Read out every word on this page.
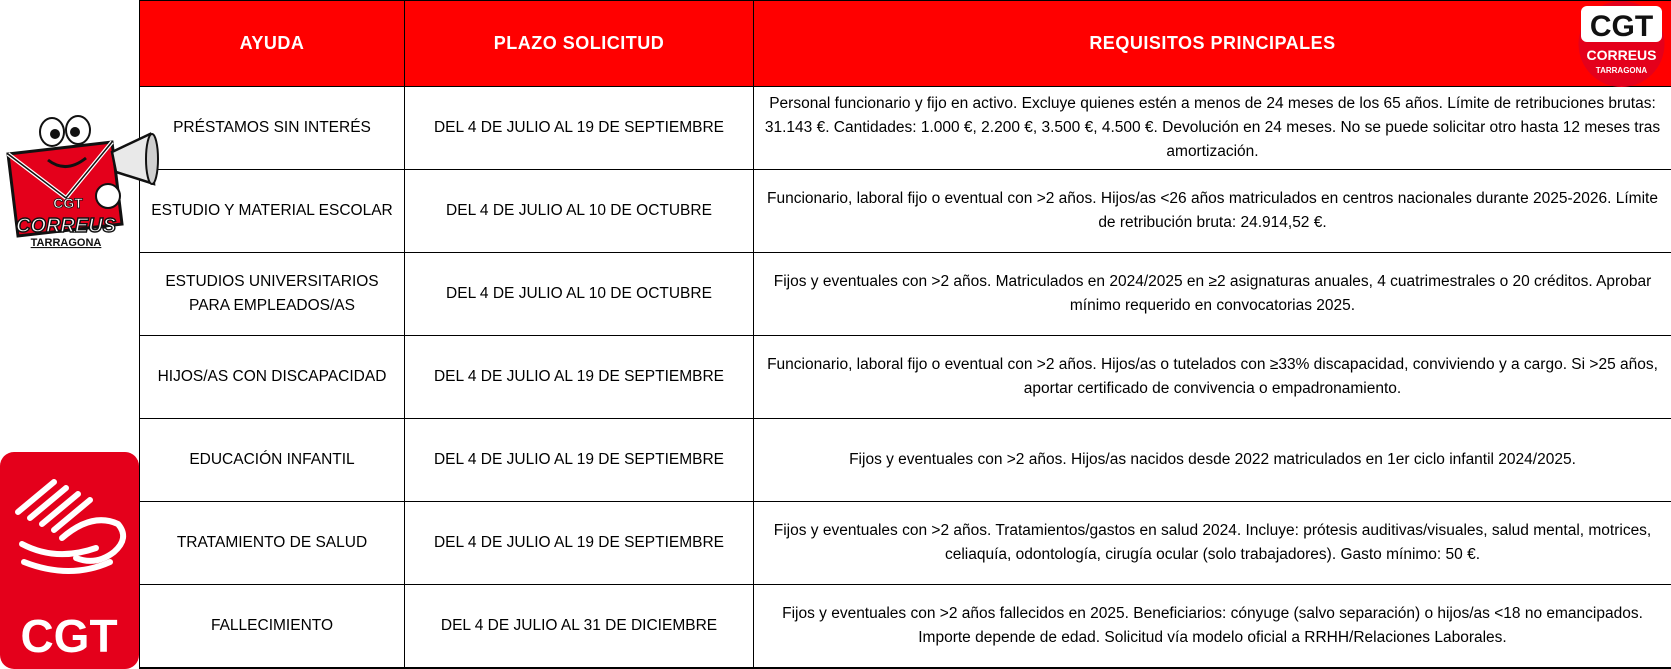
AYUDA	PLAZO SOLICITUD	REQUISITOS PRINCIPALES
PRÉSTAMOS SIN INTERÉS	DEL 4 DE JULIO AL 19 DE SEPTIEMBRE	Personal funcionario y fijo en activo. Excluye quienes estén a menos de 24 meses de los 65 años. Límite de retribuciones brutas: 31.143 €. Cantidades: 1.000 €, 2.200 €, 3.500 €, 4.500 €. Devolución en 24 meses. No se puede solicitar otro hasta 12 meses tras amortización.
ESTUDIO Y MATERIAL ESCOLAR	DEL 4 DE JULIO AL 10 DE OCTUBRE	Funcionario, laboral fijo o eventual con >2 años. Hijos/as <26 años matriculados en centros nacionales durante 2025-2026. Límite de retribución bruta: 24.914,52 €.
ESTUDIOS UNIVERSITARIOS PARA EMPLEADOS/AS	DEL 4 DE JULIO AL 10 DE OCTUBRE	Fijos y eventuales con >2 años. Matriculados en 2024/2025 en ≥2 asignaturas anuales, 4 cuatrimestrales o 20 créditos. Aprobar mínimo requerido en convocatorias 2025.
HIJOS/AS CON DISCAPACIDAD	DEL 4 DE JULIO AL 19 DE SEPTIEMBRE	Funcionario, laboral fijo o eventual con >2 años. Hijos/as o tutelados con ≥33% discapacidad, conviviendo y a cargo. Si >25 años, aportar certificado de convivencia o empadronamiento.
EDUCACIÓN INFANTIL	DEL 4 DE JULIO AL 19 DE SEPTIEMBRE	Fijos y eventuales con >2 años. Hijos/as nacidos desde 2022 matriculados en 1er ciclo infantil 2024/2025.
TRATAMIENTO DE SALUD	DEL 4 DE JULIO AL 19 DE SEPTIEMBRE	Fijos y eventuales con >2 años. Tratamientos/gastos en salud 2024. Incluye: prótesis auditivas/visuales, salud mental, motrices, celiaquía, odontología, cirugía ocular (solo trabajadores). Gasto mínimo: 50 €.
FALLECIMIENTO	DEL 4 DE JULIO AL 31 DE DICIEMBRE	Fijos y eventuales con >2 años fallecidos en 2025. Beneficiarios: cónyuge (salvo separación) o hijos/as <18 no emancipados. Importe depende de edad. Solicitud vía modelo oficial a RRHH/Relaciones Laborales.
CGT
CORREUS
TARRAGONA
CGT
CORREUS
TARRAGONA
CGT
